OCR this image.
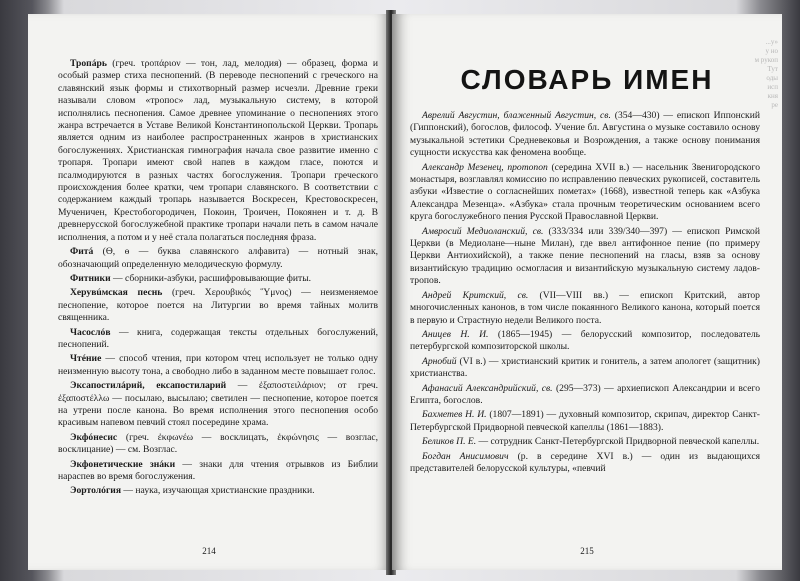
Тропáрь (греч. τροπάριον — тон, лад, мелодия) — образец, форма и особый размер стиха песнопений. (В переводе песнопений с греческого на славянский язык формы и стихотворный размер исчезли. Древние греки называли словом «тропос» лад, музыкальную систему, в которой исполнялись песнопения. Самое древнее упоминание о песнопениях этого жанра встречается в Уставе Великой Константинопольской Церкви. Тропарь является одним из наиболее распространенных жанров в христианских богослужениях. Христианская гимнография начала свое развитие именно с тропаря. Тропари имеют свой напев в каждом гласе, поются и псалмодируются в разных частях богослужения. Тропари греческого происхождения более кратки, чем тропари славянского. В соответствии с содержанием каждый тропарь называется Воскресен, Крестовоскресен, Мученичен, Крестобогородичен, Покоин, Троичен, Покоянен и т. д. В древнерусской богослужебной практике тропари начали петь в самом начале исполнения, а потом и у неё стала полагаться последняя фраза.

Фитá (Ѳ, ѳ — буква славянского алфавита) — нотный знак, обозначающий определенную мелодическую формулу.

Фитники — сборники-азбуки, расшифровывающие фиты.

Херувúмская песнь (греч. Χερουβικός Ὕμνος) — неизменяемое песнопение, которое поется на Литургии во время тайных молитв священника.

Часослóв — книга, содержащая тексты отдельных богослужений, песнопений.

Чтéние — способ чтения, при котором чтец использует не только одну неизменную высоту тона, а свободно либо в заданном месте повышает голос.

Эксапостилáрий, ексапостиларий — ἐξαποστειλάριον; от греч. ἐξαποστέλλω — посылаю, высылаю; светилен — песнопение, которое поется на утрени после канона. Во время исполнения этого песнопения особо красивым напевом певчий стоял посередине храма.

Экфóнесис (греч. ἐκφωνέω — восклицать, ἐκφώνησις — возглас, восклицание) — см. Возглас.

Экфонетические знáки — знаки для чтения отрывков из Библии нараспев во время богослужения.

Эортолóгия — наука, изучающая христианские праздники.

214
...у»
у но
м рукоп
Тут
оды
исп
кня
ре
СЛОВАРЬ ИМЕН

Аврелий Августин, блаженный Августин, св. (354—430) — епископ Иппонский (Гиппонский), богослов, философ. Учение бл. Августина о музыке составило основу музыкальной эстетики Средневековья и Возрождения, а также основу понимания сущности искусства как феномена вообще.

Александр Мезенец, протопоп (середина XVII в.) — насельник Звенигородского монастыря, возглавлял комиссию по исправлению певческих рукописей, составитель азбуки «Известие о согласнейших пометах» (1668), известной теперь как «Азбука Александра Мезенца». «Азбука» стала прочным теоретическим основанием всего круга богослужебного пения Русской Православной Церкви.

Амвросий Медиоланский, св. (333/334 или 339/340—397) — епископ Римской Церкви (в Медиолане—ныне Милан), где ввел антифонное пение (по примеру Церкви Антиохийской), а также пение песнопений на гласы, взяв за основу византийскую традицию осмогласия и византийскую музыкальную систему ладов-тропов.

Андрей Критский, св. (VII—VIII вв.) — епископ Критский, автор многочисленных канонов, в том числе покаянного Великого канона, который поется в первую и Страстную недели Великого поста.

Аницев Н. И. (1865—1945) — белорусский композитор, последователь петербургской композиторской школы.

Арнобий (VI в.) — христианский критик и гонитель, а затем апологет (защитник) христианства.

Афанасий Александрийский, св. (295—373) — архиепископ Александрии и всего Египта, богослов.

Бахметев Н. И. (1807—1891) — духовный композитор, скрипач, директор Санкт-Петербургской Придворной певческой капеллы (1861—1883).

Беликов П. Е. — сотрудник Санкт-Петербургской Придворной певческой капеллы.

Богдан Анисимович (р. в середине XVI в.) — один из выдающихся представителей белорусской культуры, «певчий

215
